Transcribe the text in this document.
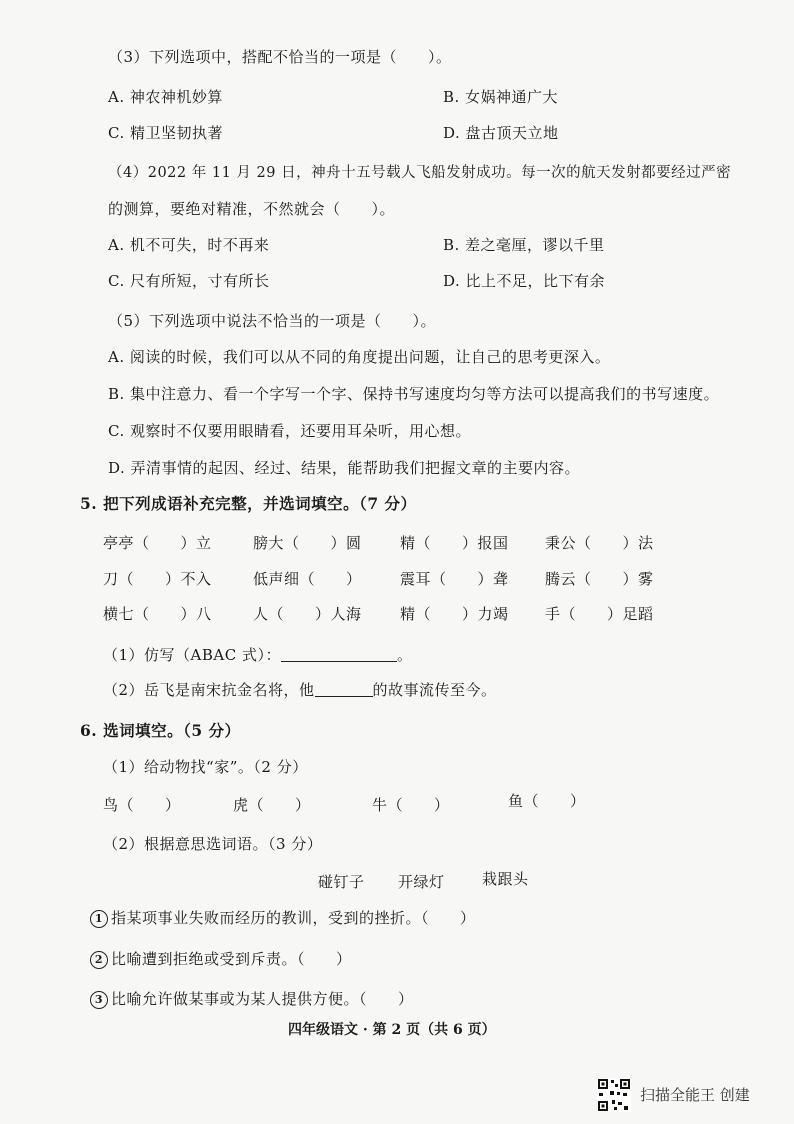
（3）下列选项中，搭配不恰当的一项是（　　）。
A. 神农神机妙算	B. 女娲神通广大
C. 精卫坚韧执著	D. 盘古顶天立地
（4）2022 年 11 月 29 日，神舟十五号载人飞船发射成功。每一次的航天发射都要经过严密
的测算，要绝对精准，不然就会（　　）。
A. 机不可失，时不再来	B. 差之毫厘，谬以千里
C. 尺有所短，寸有所长	D. 比上不足，比下有余
（5）下列选项中说法不恰当的一项是（　　）。
A. 阅读的时候，我们可以从不同的角度提出问题，让自己的思考更深入。
B. 集中注意力、看一个字写一个字、保持书写速度均匀等方法可以提高我们的书写速度。
C. 观察时不仅要用眼睛看，还要用耳朵听，用心想。
D. 弄清事情的起因、经过、结果，能帮助我们把握文章的主要内容。
5. 把下列成语补充完整，并选词填空。（7 分）
亭亭（　　）立	膀大（　　）圆	精（　　）报国 秉公（　　）法
刀（　　）不入	低声细（　　）	震耳（　　）聋 腾云（　　）雾
横七（　　）八	人（　　）人海	精（　　）力竭 手（　　）足蹈
（1）仿写（ABAC 式）：	。
（2）岳飞是南宋抗金名将，他	的故事流传至今。
6. 选词填空。（5 分）
（1）给动物找“家”。（2 分）
鸟（　　）	虎（　　）	牛（　　）	鱼（　　）
（2）根据意思选词语。（3 分）
碰钉子 开绿灯 栽跟头
1 指某项事业失败而经历的教训，受到的挫折。（　　）
2 比喻遭到拒绝或受到斥责。（　　）
3 比喻允许做某事或为某人提供方便。（　　）
四年级语文 · 第 2 页（共 6 页）
扫描全能王 创建
